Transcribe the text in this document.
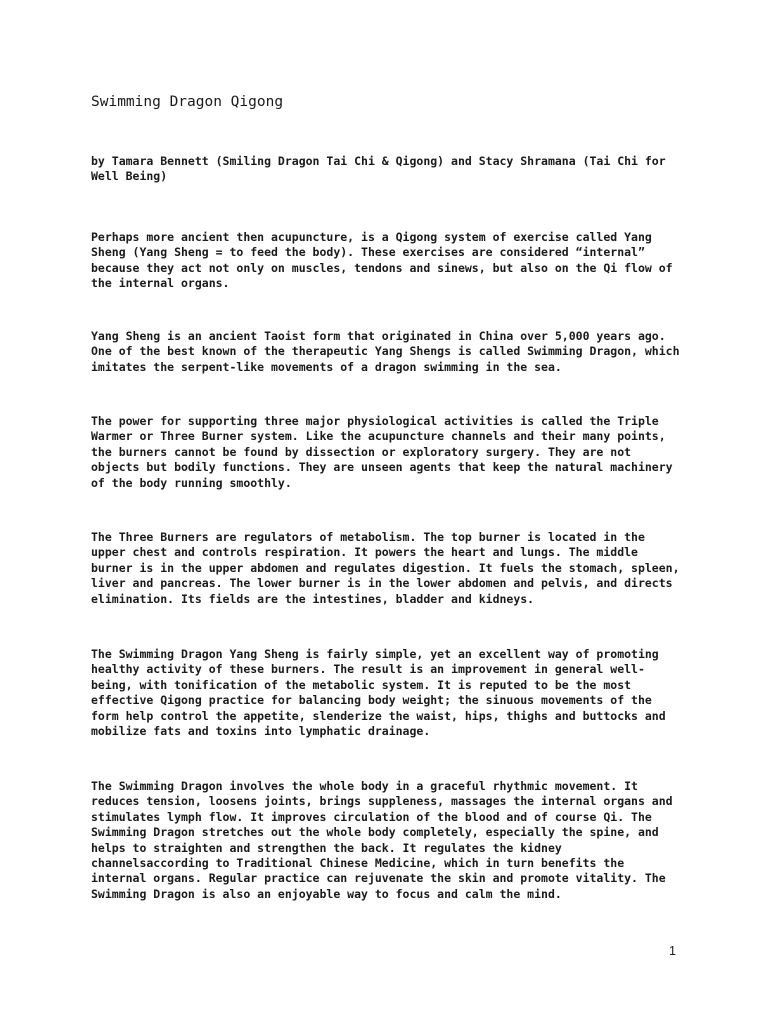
Swimming Dragon Qigong

by Tamara Bennett (Smiling Dragon Tai Chi & Qigong) and Stacy Shramana (Tai Chi for
Well Being)

Perhaps more ancient then acupuncture, is a Qigong system of exercise called Yang
Sheng (Yang Sheng = to feed the body). These exercises are considered “internal”
because they act not only on muscles, tendons and sinews, but also on the Qi flow of
the internal organs.

Yang Sheng is an ancient Taoist form that originated in China over 5,000 years ago.
One of the best known of the therapeutic Yang Shengs is called Swimming Dragon, which
imitates the serpent-like movements of a dragon swimming in the sea.

The power for supporting three major physiological activities is called the Triple
Warmer or Three Burner system. Like the acupuncture channels and their many points,
the burners cannot be found by dissection or exploratory surgery. They are not
objects but bodily functions. They are unseen agents that keep the natural machinery
of the body running smoothly.

The Three Burners are regulators of metabolism. The top burner is located in the
upper chest and controls respiration. It powers the heart and lungs. The middle
burner is in the upper abdomen and regulates digestion. It fuels the stomach, spleen,
liver and pancreas. The lower burner is in the lower abdomen and pelvis, and directs
elimination. Its fields are the intestines, bladder and kidneys.

The Swimming Dragon Yang Sheng is fairly simple, yet an excellent way of promoting
healthy activity of these burners. The result is an improvement in general well-
being, with tonification of the metabolic system. It is reputed to be the most
effective Qigong practice for balancing body weight; the sinuous movements of the
form help control the appetite, slenderize the waist, hips, thighs and buttocks and
mobilize fats and toxins into lymphatic drainage.

The Swimming Dragon involves the whole body in a graceful rhythmic movement. It
reduces tension, loosens joints, brings suppleness, massages the internal organs and
stimulates lymph flow. It improves circulation of the blood and of course Qi. The
Swimming Dragon stretches out the whole body completely, especially the spine, and
helps to straighten and strengthen the back. It regulates the kidney
channelsaccording to Traditional Chinese Medicine, which in turn benefits the
internal organs. Regular practice can rejuvenate the skin and promote vitality. The
Swimming Dragon is also an enjoyable way to focus and calm the mind.

1
